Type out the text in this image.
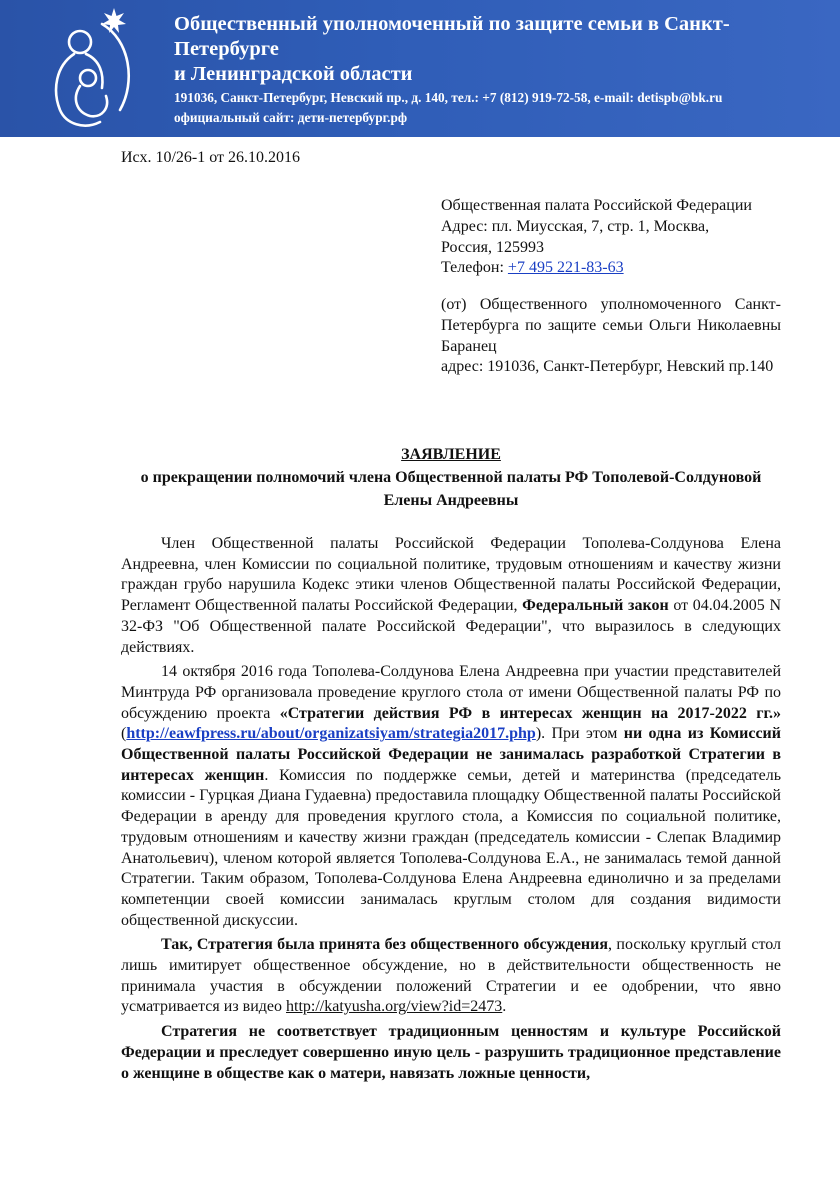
Общественный уполномоченный по защите семьи в Санкт-Петербурге
и Ленинградской области
191036, Санкт-Петербург, Невский пр., д. 140, тел.: +7 (812) 919-72-58, e-mail: detispb@bk.ru
официальный сайт: дети-петербург.рф
Исх. 10/26-1 от 26.10.2016

Общественная палата Российской Федерации

Адрес: пл. Миусская, 7, стр. 1, Москва,

Россия, 125993

Телефон: +7 495 221-83-63

(от) Общественного уполномоченного Санкт-Петербурга по защите семьи Ольги Николаевны Баранец

адрес: 191036, Санкт-Петербург, Невский пр.140

ЗАЯВЛЕНИЕ
о прекращении полномочий члена Общественной палаты РФ Тополевой-Солдуновой Елены Андреевны

Член Общественной палаты Российской Федерации Тополева-Солдунова Елена Андреевна, член Комиссии по социальной политике, трудовым отношениям и качеству жизни граждан грубо нарушила Кодекс этики членов Общественной палаты Российской Федерации, Регламент Общественной палаты Российской Федерации, Федеральный закон от 04.04.2005 N 32-ФЗ "Об Общественной палате Российской Федерации", что выразилось в следующих действиях.

14 октября 2016 года Тополева-Солдунова Елена Андреевна при участии представителей Минтруда РФ организовала проведение круглого стола от имени Общественной палаты РФ по обсуждению проекта «Стратегии действия РФ в интересах женщин на 2017-2022 гг.» (http://eawfpress.ru/about/organizatsiyam/strategia2017.php). При этом ни одна из Комиссий Общественной палаты Российской Федерации не занималась разработкой Стратегии в интересах женщин. Комиссия по поддержке семьи, детей и материнства (председатель комиссии - Гурцкая Диана Гудаевна) предоставила площадку Общественной палаты Российской Федерации в аренду для проведения круглого стола, а Комиссия по социальной политике, трудовым отношениям и качеству жизни граждан (председатель комиссии - Слепак Владимир Анатольевич), членом которой является Тополева-Солдунова Е.А., не занималась темой данной Стратегии. Таким образом, Тополева-Солдунова Елена Андреевна единолично и за пределами компетенции своей комиссии занималась круглым столом для создания видимости общественной дискуссии.

Так, Стратегия была принята без общественного обсуждения, поскольку круглый стол лишь имитирует общественное обсуждение, но в действительности общественность не принимала участия в обсуждении положений Стратегии и ее одобрении, что явно усматривается из видео http://katyusha.org/view?id=2473.

Стратегия не соответствует традиционным ценностям и культуре Российской Федерации и преследует совершенно иную цель - разрушить традиционное представление о женщине в обществе как о матери, навязать ложные ценности,
